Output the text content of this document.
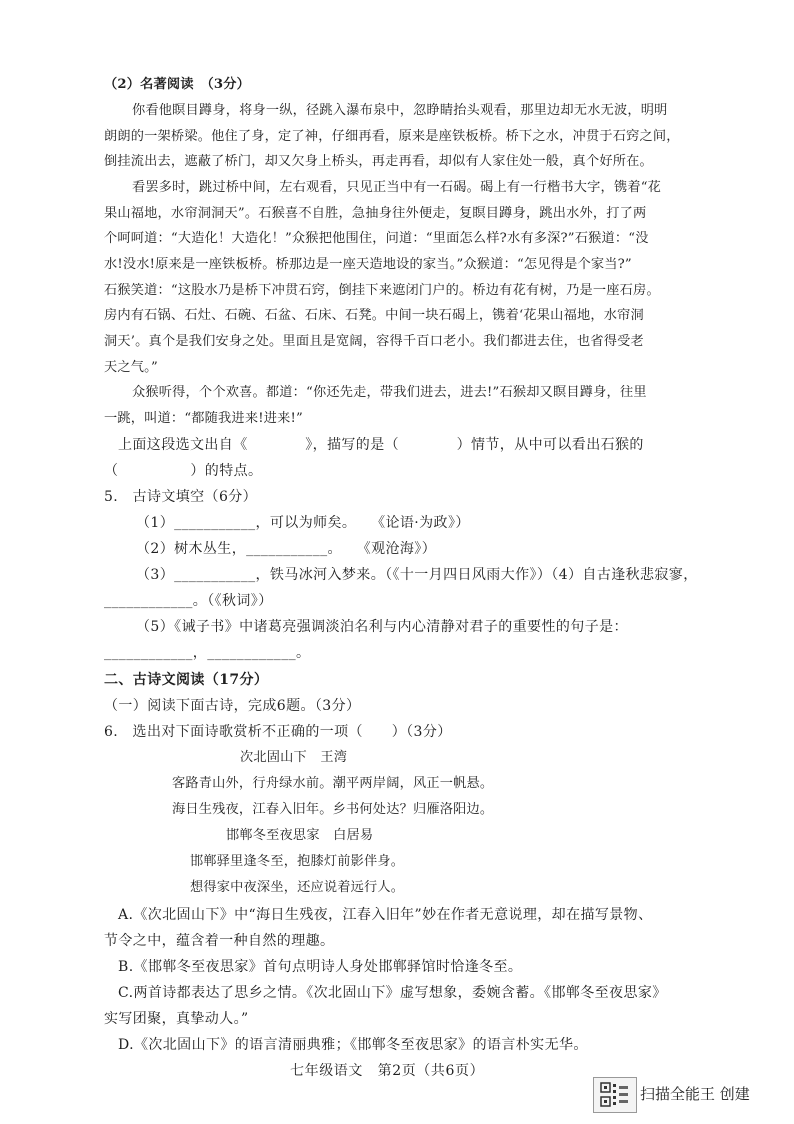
（2）名著阅读　（3分）
你看他瞑目蹲身，将身一纵，径跳入瀑布泉中，忽睁睛抬头观看，那里边却无水无波，明明
朗朗的一架桥梁。他住了身，定了神，仔细再看，原来是座铁板桥。桥下之水，冲贯于石窍之间，
倒挂流出去，遮蔽了桥门，却又欠身上桥头，再走再看，却似有人家住处一般，真个好所在。
看罢多时，跳过桥中间，左右观看，只见正当中有一石碣。碣上有一行楷书大字，镌着“花
果山福地，水帘洞洞天”。石猴喜不自胜，急抽身往外便走，复瞑目蹲身，跳出水外，打了两
个呵呵道：“大造化！大造化！”众猴把他围住，问道：“里面怎么样?水有多深?”石猴道：“没
水!没水!原来是一座铁板桥。桥那边是一座天造地设的家当。”众猴道：“怎见得是个家当?”
石猴笑道：“这股水乃是桥下冲贯石窍，倒挂下来遮闭门户的。桥边有花有树，乃是一座石房。
房内有石锅、石灶、石碗、石盆、石床、石凳。中间一块石碣上，镌着‘花果山福地，水帘洞
洞天’。真个是我们安身之处。里面且是宽阔，容得千百口老小。我们都进去住，也省得受老
天之气。”
众猴听得，个个欢喜。都道：“你还先走，带我们进去，进去!”石猴却又瞑目蹲身，往里
一跳，叫道：“都随我进来!进来!”
上面这段选文出自《　　　　》，描写的是（　　　　）情节，从中可以看出石猴的
（　　　　　）的特点。
5.　古诗文填空（6分）
（1）___________，可以为师矣。　　《论语·为政》）
（2）树木丛生，___________。　　《观沧海》）
（3）___________，铁马冰河入梦来。（《十一月四日风雨大作》）（4）自古逢秋悲寂寥，
____________。（《秋词》）
（5）《诫子书》中诸葛亮强调淡泊名利与内心清静对君子的重要性的句子是：
____________，____________。
二、古诗文阅读（17分）
（一）阅读下面古诗，完成6题。（3分）
6.　选出对下面诗歌赏析不正确的一项（　　）（3分）
次北固山下　王湾
客路青山外，行舟绿水前。潮平两岸阔，风正一帆悬。
海日生残夜，江春入旧年。乡书何处达？归雁洛阳边。
邯郸冬至夜思家　白居易
邯郸驿里逢冬至，抱膝灯前影伴身。
想得家中夜深坐，还应说着远行人。
A.《次北固山下》中“海日生残夜，江春入旧年”妙在作者无意说理，却在描写景物、
节令之中，蕴含着一种自然的理趣。
B.《邯郸冬至夜思家》首句点明诗人身处邯郸驿馆时恰逢冬至。
C.两首诗都表达了思乡之情。《次北固山下》虚写想象，委婉含蓄。《邯郸冬至夜思家》
实写团聚，真挚动人。”
D.《次北固山下》的语言清丽典雅；《邯郸冬至夜思家》的语言朴实无华。
七年级语文　第2页（共6页）
扫描全能王 创建
